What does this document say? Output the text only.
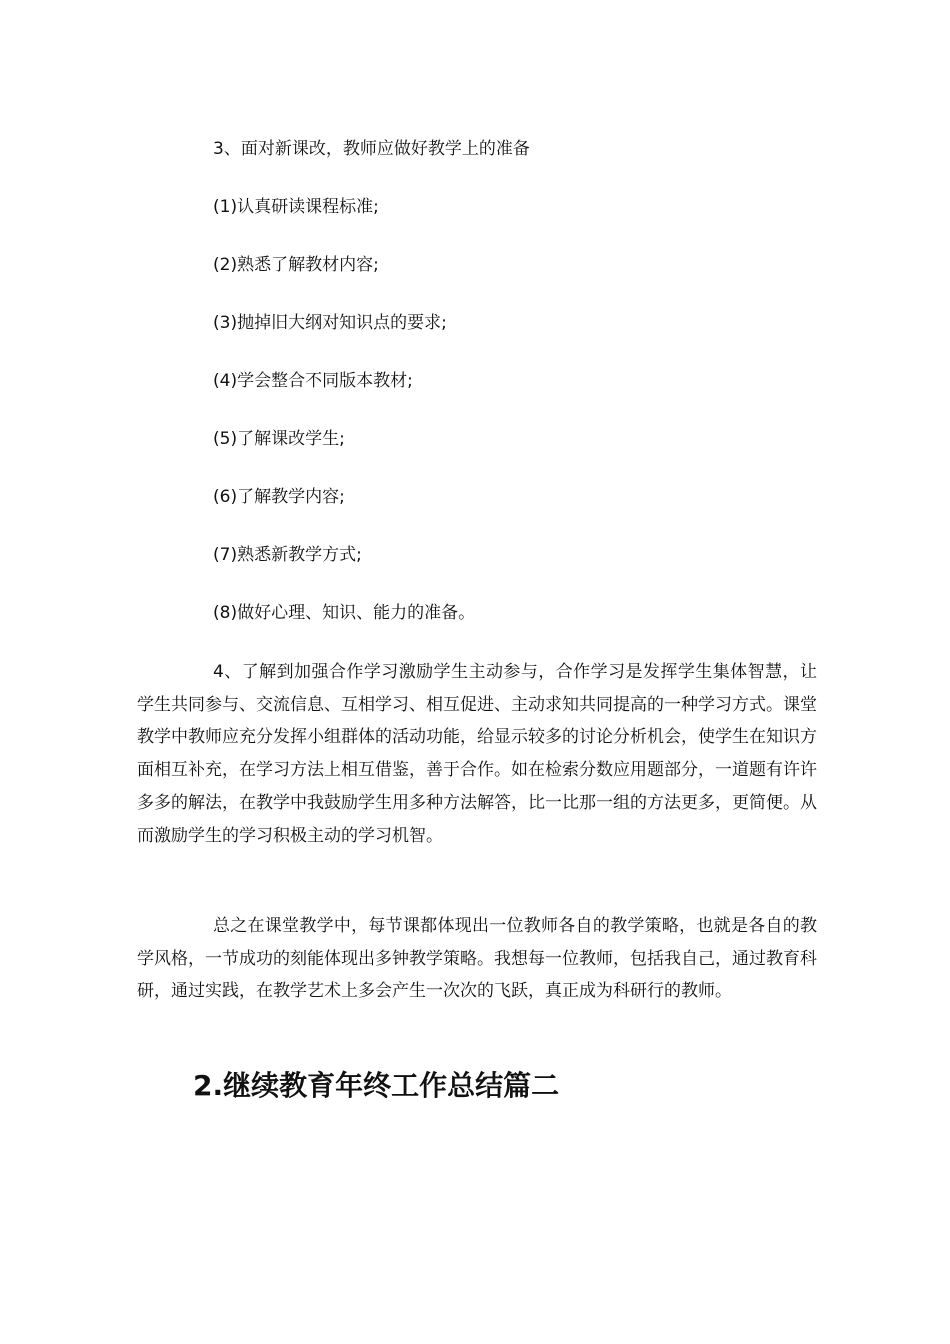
3、面对新课改，教师应做好教学上的准备
(1)认真研读课程标准;
(2)熟悉了解教材内容;
(3)抛掉旧大纲对知识点的要求;
(4)学会整合不同版本教材;
(5)了解课改学生;
(6)了解教学内容;
(7)熟悉新教学方式;
(8)做好心理、知识、能力的准备。

4、了解到加强合作学习激励学生主动参与，合作学习是发挥学生集体智慧，让学生共同参与、交流信息、互相学习、相互促进、主动求知共同提高的一种学习方式。课堂教学中教师应充分发挥小组群体的活动功能，给显示较多的讨论分析机会，使学生在知识方面相互补充，在学习方法上相互借鉴，善于合作。如在检索分数应用题部分，一道题有许许多多的解法，在教学中我鼓励学生用多种方法解答，比一比那一组的方法更多，更简便。从而激励学生的学习积极主动的学习机智。

总之在课堂教学中，每节课都体现出一位教师各自的教学策略，也就是各自的教学风格，一节成功的刻能体现出多钟教学策略。我想每一位教师，包括我自己，通过教育科研，通过实践，在教学艺术上多会产生一次次的飞跃，真正成为科研行的教师。

2.继续教育年终工作总结篇二
